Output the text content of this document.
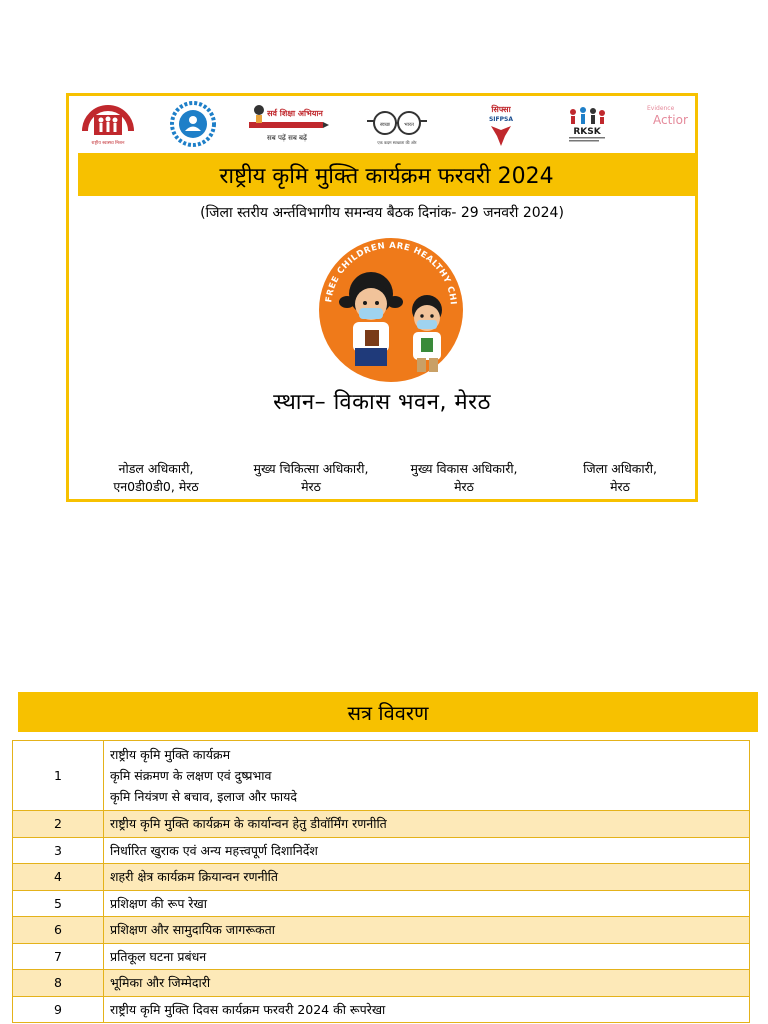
राष्ट्रीय स्वास्थ्य मिशन
सर्व शिक्षा अभियान
सब पढ़ें सब बढ़ें
स्वच्छ	भारत
एक कदम स्वच्छता की ओर
सिफ्सा
SIFPSA
RKSK
Evidence
Actior
राष्ट्रीय कृमि मुक्ति कार्यक्रम फरवरी 2024
(जिला स्तरीय अर्न्तविभागीय समन्वय बैठक दिनांक- 29 जनवरी 2024)
FREE CHILDREN ARE HEALTHY CHI
स्थान– विकास भवन, मेरठ
नोडल अधिकारी,
एन0डी0डी0, मेरठ
मुख्य चिकित्सा अधिकारी,
मेरठ
मुख्य विकास अधिकारी,
मेरठ
जिला अधिकारी,
मेरठ
सत्र विवरण
1	राष्ट्रीय कृमि मुक्ति कार्यक्रम
कृमि संक्रमण के लक्षण एवं दुष्प्रभाव
कृमि नियंत्रण से बचाव, इलाज और फायदे

2	राष्ट्रीय कृमि मुक्ति कार्यक्रम के कार्यान्वन हेतु डीवॉर्मिंग रणनीति
3	निर्धारित खुराक एवं अन्य महत्त्वपूर्ण दिशानिर्देश
4	शहरी क्षेत्र कार्यक्रम क्रियान्वन रणनीति
5	प्रशिक्षण की रूप रेखा
6	प्रशिक्षण और सामुदायिक जागरूकता
7	प्रतिकूल घटना प्रबंधन
8	भूमिका और जिम्मेदारी
9	राष्ट्रीय कृमि मुक्ति दिवस कार्यक्रम फरवरी 2024 की रूपरेखा
